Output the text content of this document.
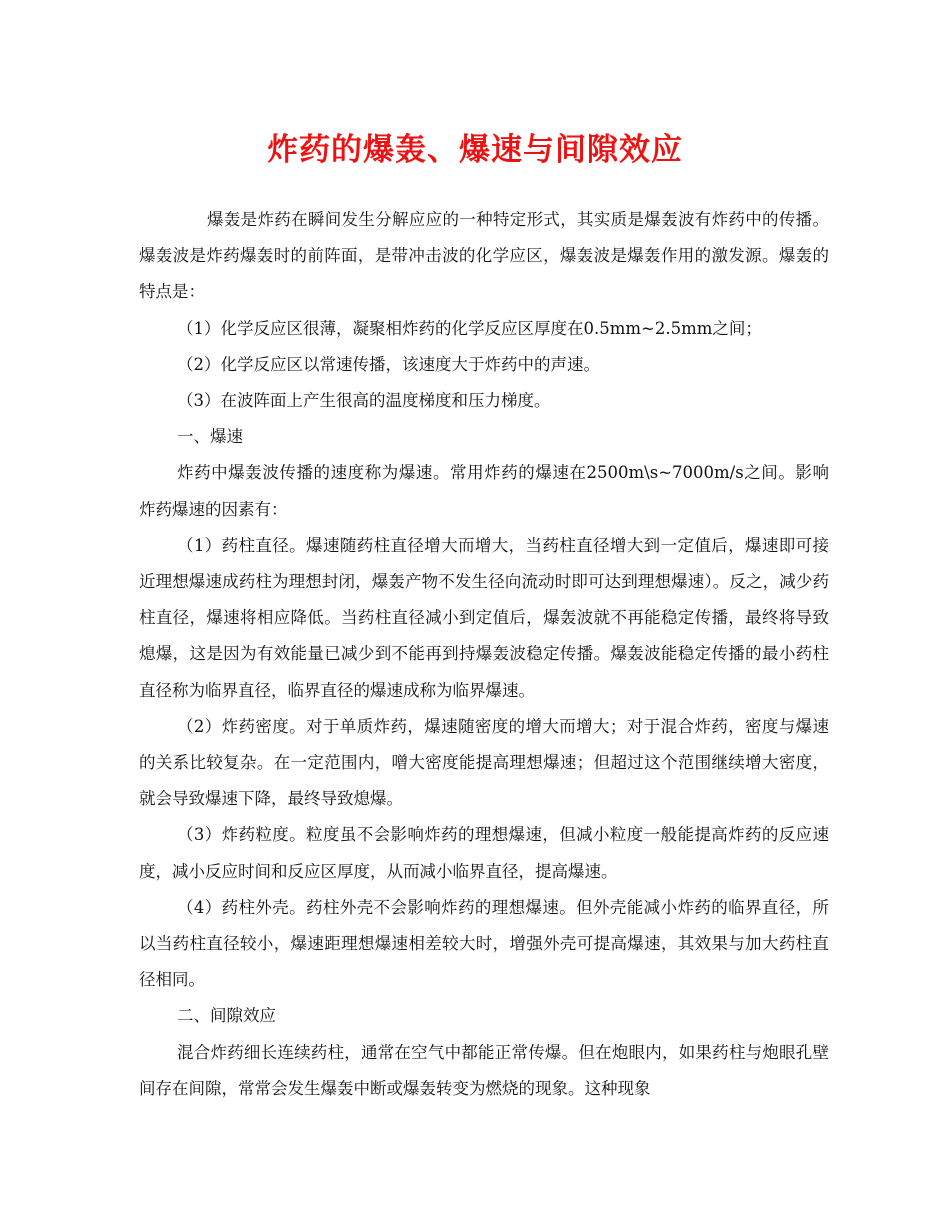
炸药的爆轰、爆速与间隙效应

爆轰是炸药在瞬间发生分解应应的一种特定形式，其实质是爆轰波有炸药中的传播。爆轰波是炸药爆轰时的前阵面，是带冲击波的化学应区，爆轰波是爆轰作用的激发源。爆轰的特点是：

（1）化学反应区很薄，凝聚相炸药的化学反应区厚度在0.5mm~2.5mm之间；

（2）化学反应区以常速传播，该速度大于炸药中的声速。

（3）在波阵面上产生很高的温度梯度和压力梯度。

一、爆速

炸药中爆轰波传播的速度称为爆速。常用炸药的爆速在2500m\s~7000m/s之间。影响炸药爆速的因素有：

（1）药柱直径。爆速随药柱直径增大而增大，当药柱直径增大到一定值后，爆速即可接近理想爆速成药柱为理想封闭，爆轰产物不发生径向流动时即可达到理想爆速）。反之，减少药柱直径，爆速将相应降低。当药柱直径减小到定值后，爆轰波就不再能稳定传播，最终将导致熄爆，这是因为有效能量已减少到不能再到持爆轰波稳定传播。爆轰波能稳定传播的最小药柱直径称为临界直径，临界直径的爆速成称为临界爆速。

（2）炸药密度。对于单质炸药，爆速随密度的增大而增大；对于混合炸药，密度与爆速的关系比较复杂。在一定范围内，噌大密度能提高理想爆速；但超过这个范围继续增大密度，就会导致爆速下降，最终导致熄爆。

（3）炸药粒度。粒度虽不会影响炸药的理想爆速，但减小粒度一般能提高炸药的反应速度，减小反应时间和反应区厚度，从而减小临界直径，提高爆速。

（4）药柱外壳。药柱外壳不会影响炸药的理想爆速。但外壳能减小炸药的临界直径，所以当药柱直径较小，爆速距理想爆速相差较大时，增强外壳可提高爆速，其效果与加大药柱直径相同。

二、间隙效应

混合炸药细长连续药柱，通常在空气中都能正常传爆。但在炮眼内，如果药柱与炮眼孔壁间存在间隙，常常会发生爆轰中断或爆轰转变为燃烧的现象。这种现象
